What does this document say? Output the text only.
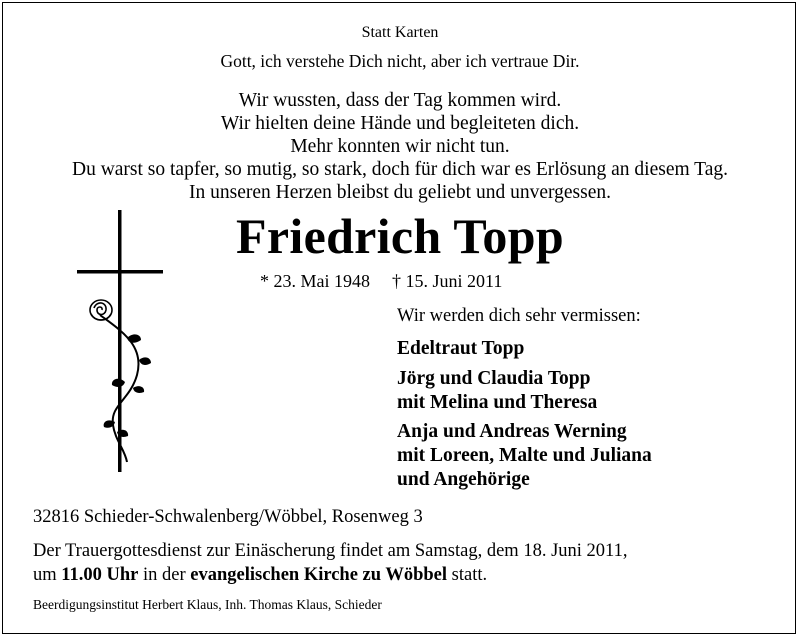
Statt Karten
Gott, ich verstehe Dich nicht, aber ich vertraue Dir.
Wir wussten, dass der Tag kommen wird.
Wir hielten deine Hände und begleiteten dich.
Mehr konnten wir nicht tun.
Du warst so tapfer, so mutig, so stark, doch für dich war es Erlösung an diesem Tag.
In unseren Herzen bleibst du geliebt und unvergessen.
Friedrich Topp
* 23. Mai 1948 † 15. Juni 2011
Wir werden dich sehr vermissen:
Edeltraut Topp
Jörg und Claudia Topp
mit Melina und Theresa
Anja und Andreas Werning
mit Loreen, Malte und Juliana
und Angehörige
32816 Schieder-Schwalenberg/Wöbbel, Rosenweg 3
Der Trauergottesdienst zur Einäscherung findet am Samstag, dem 18. Juni 2011,
um 11.00 Uhr in der evangelischen Kirche zu Wöbbel statt.
Beerdigungsinstitut Herbert Klaus, Inh. Thomas Klaus, Schieder
